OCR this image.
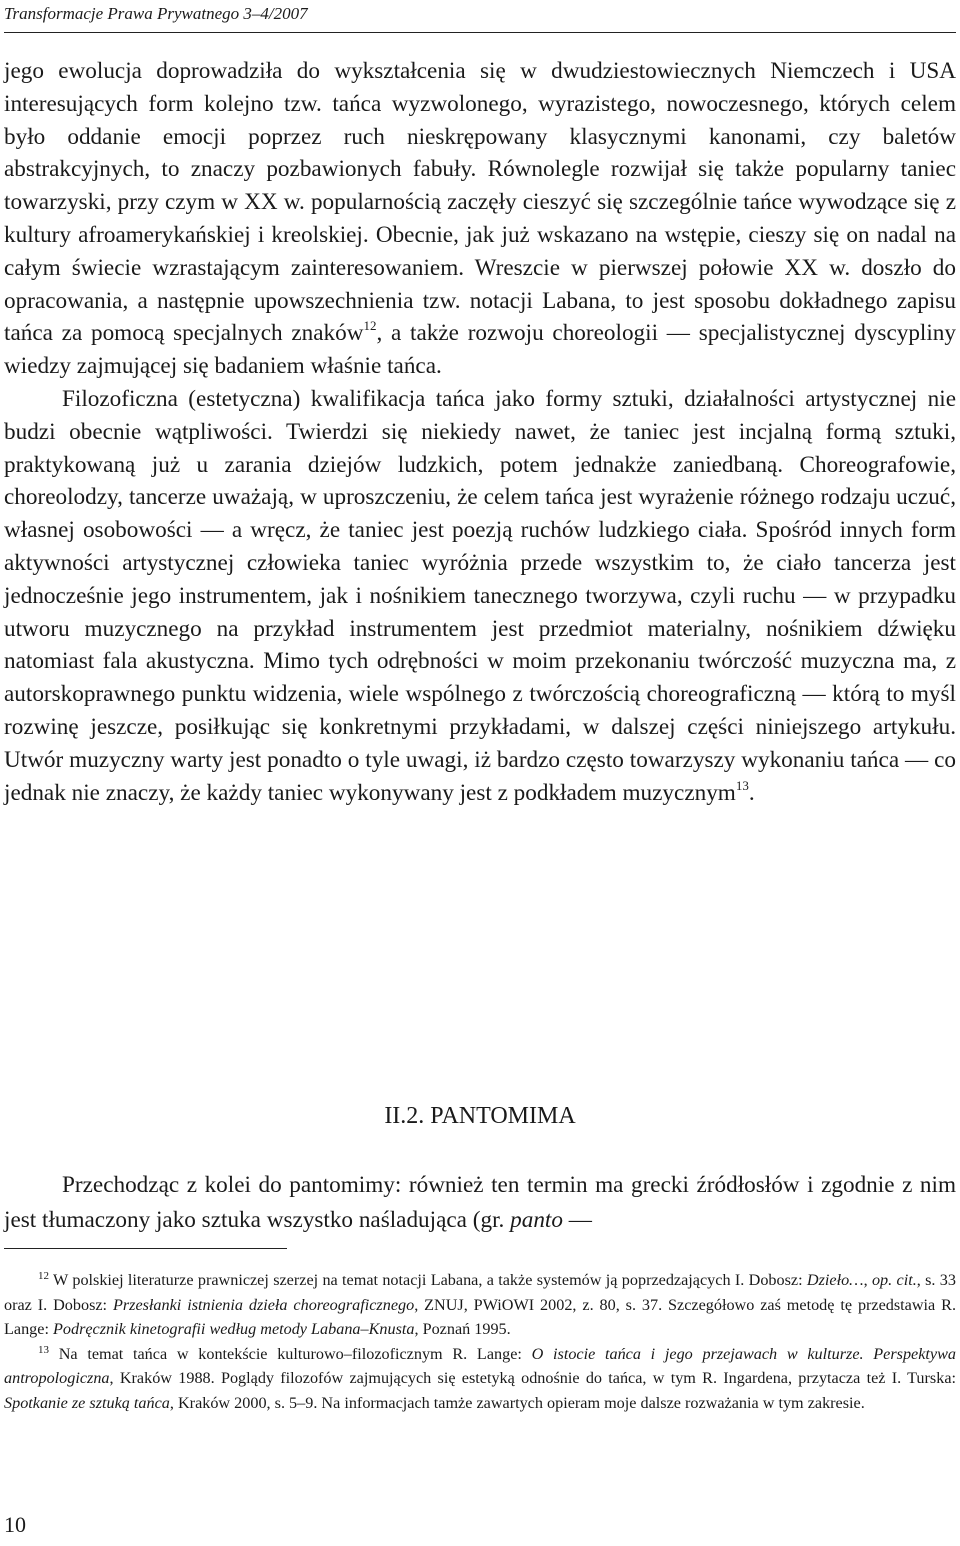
Transformacje Prawa Prywatnego 3–4/2007

jego ewolucja doprowadziła do wykształcenia się w dwudziestowiecznych Niemczech i USA interesujących form kolejno tzw. tańca wyzwolonego, wyrazistego, nowoczesnego, których celem było oddanie emocji poprzez ruch nieskrępowany klasycznymi kanonami, czy baletów abstrakcyjnych, to znaczy pozbawionych fabuły. Równolegle rozwijał się także popularny taniec towarzyski, przy czym w XX w. popularnością zaczęły cieszyć się szczególnie tańce wywodzące się z kultury afroamerykańskiej i kreolskiej. Obecnie, jak już wskazano na wstępie, cieszy się on nadal na całym świecie wzrastającym zainteresowaniem. Wreszcie w pierwszej połowie XX w. doszło do opracowania, a następnie upowszechnienia tzw. notacji Labana, to jest sposobu dokładnego zapisu tańca za pomocą specjalnych znaków$^{12}$, a także rozwoju choreologii — specjalistycznej dyscypliny wiedzy zajmującej się badaniem właśnie tańca.

Filozoficzna (estetyczna) kwalifikacja tańca jako formy sztuki, działalności artystycznej nie budzi obecnie wątpliwości. Twierdzi się niekiedy nawet, że taniec jest incjalną formą sztuki, praktykowaną już u zarania dziejów ludzkich, potem jednakże zaniedbaną. Choreografowie, choreolodzy, tancerze uważają, w uproszczeniu, że celem tańca jest wyrażenie różnego rodzaju uczuć, własnej osobowości — a wręcz, że taniec jest poezją ruchów ludzkiego ciała. Spośród innych form aktywności artystycznej człowieka taniec wyróżnia przede wszystkim to, że ciało tancerza jest jednocześnie jego instrumentem, jak i nośnikiem tanecznego tworzywa, czyli ruchu — w przypadku utworu muzycznego na przykład instrumentem jest przedmiot materialny, nośnikiem dźwięku natomiast fala akustyczna. Mimo tych odrębności w moim przekonaniu twórczość muzyczna ma, z autorskoprawnego punktu widzenia, wiele wspólnego z twórczością choreograficzną — którą to myśl rozwinę jeszcze, posiłkując się konkretnymi przykładami, w dalszej części niniejszego artykułu. Utwór muzyczny warty jest ponadto o tyle uwagi, iż bardzo często towarzyszy wykonaniu tańca — co jednak nie znaczy, że każdy taniec wykonywany jest z podkładem muzycznym$^{13}$.

II.2. PANTOMIMA

Przechodząc z kolei do pantomimy: również ten termin ma grecki źródłosłów i zgodnie z nim jest tłumaczony jako sztuka wszystko naśladująca (gr. panto —

$^{12}$ W polskiej literaturze prawniczej szerzej na temat notacji Labana, a także systemów ją poprzedzających I. Dobosz: Dzieło…, op. cit., s. 33 oraz I. Dobosz: Przesłanki istnienia dzieła choreograficznego, ZNUJ, PWiOWI 2002, z. 80, s. 37. Szczegółowo zaś metodę tę przedstawia R. Lange: Podręcznik kinetografii według metody Labana–Knusta, Poznań 1995.

$^{13}$ Na temat tańca w kontekście kulturowo–filozoficznym R. Lange: O istocie tańca i jego przejawach w kulturze. Perspektywa antropologiczna, Kraków 1988. Poglądy filozofów zajmujących się estetyką odnośnie do tańca, w tym R. Ingardena, przytacza też I. Turska: Spotkanie ze sztuką tańca, Kraków 2000, s. 5–9. Na informacjach tamże zawartych opieram moje dalsze rozważania w tym zakresie.

10
